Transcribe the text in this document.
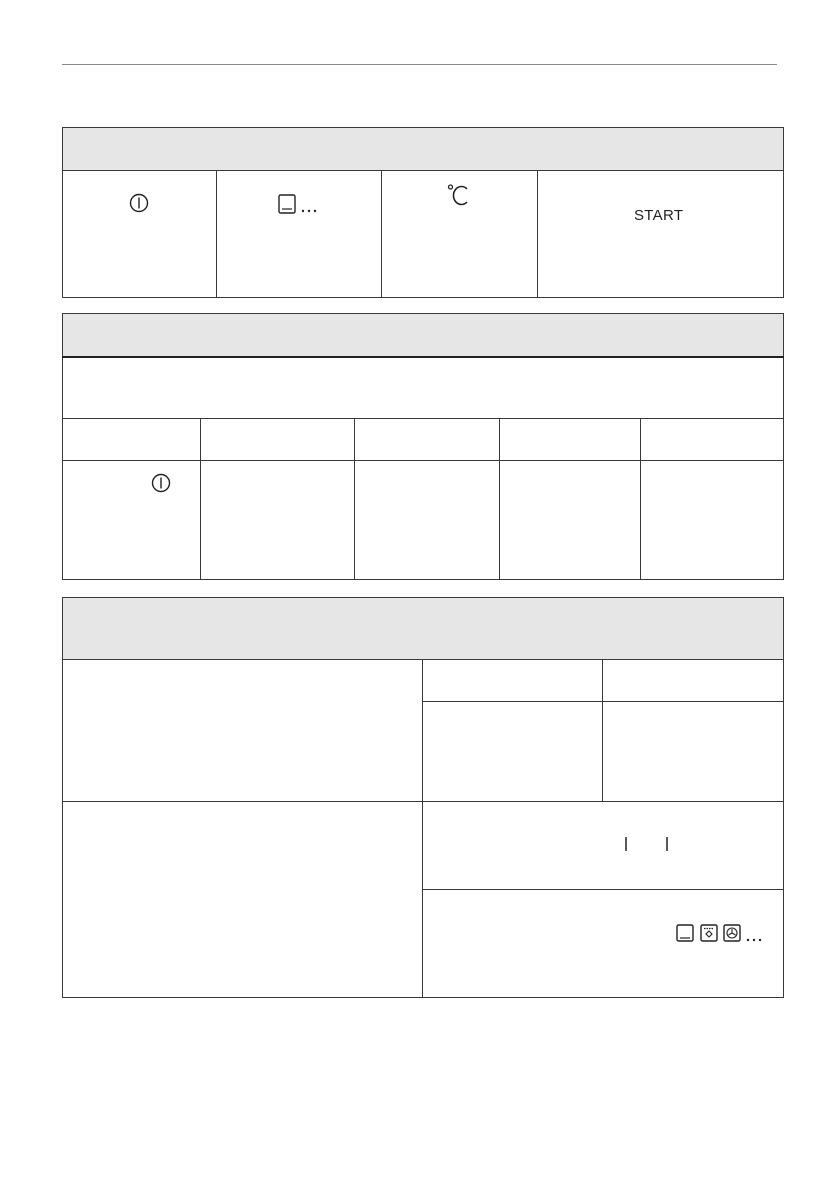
START
